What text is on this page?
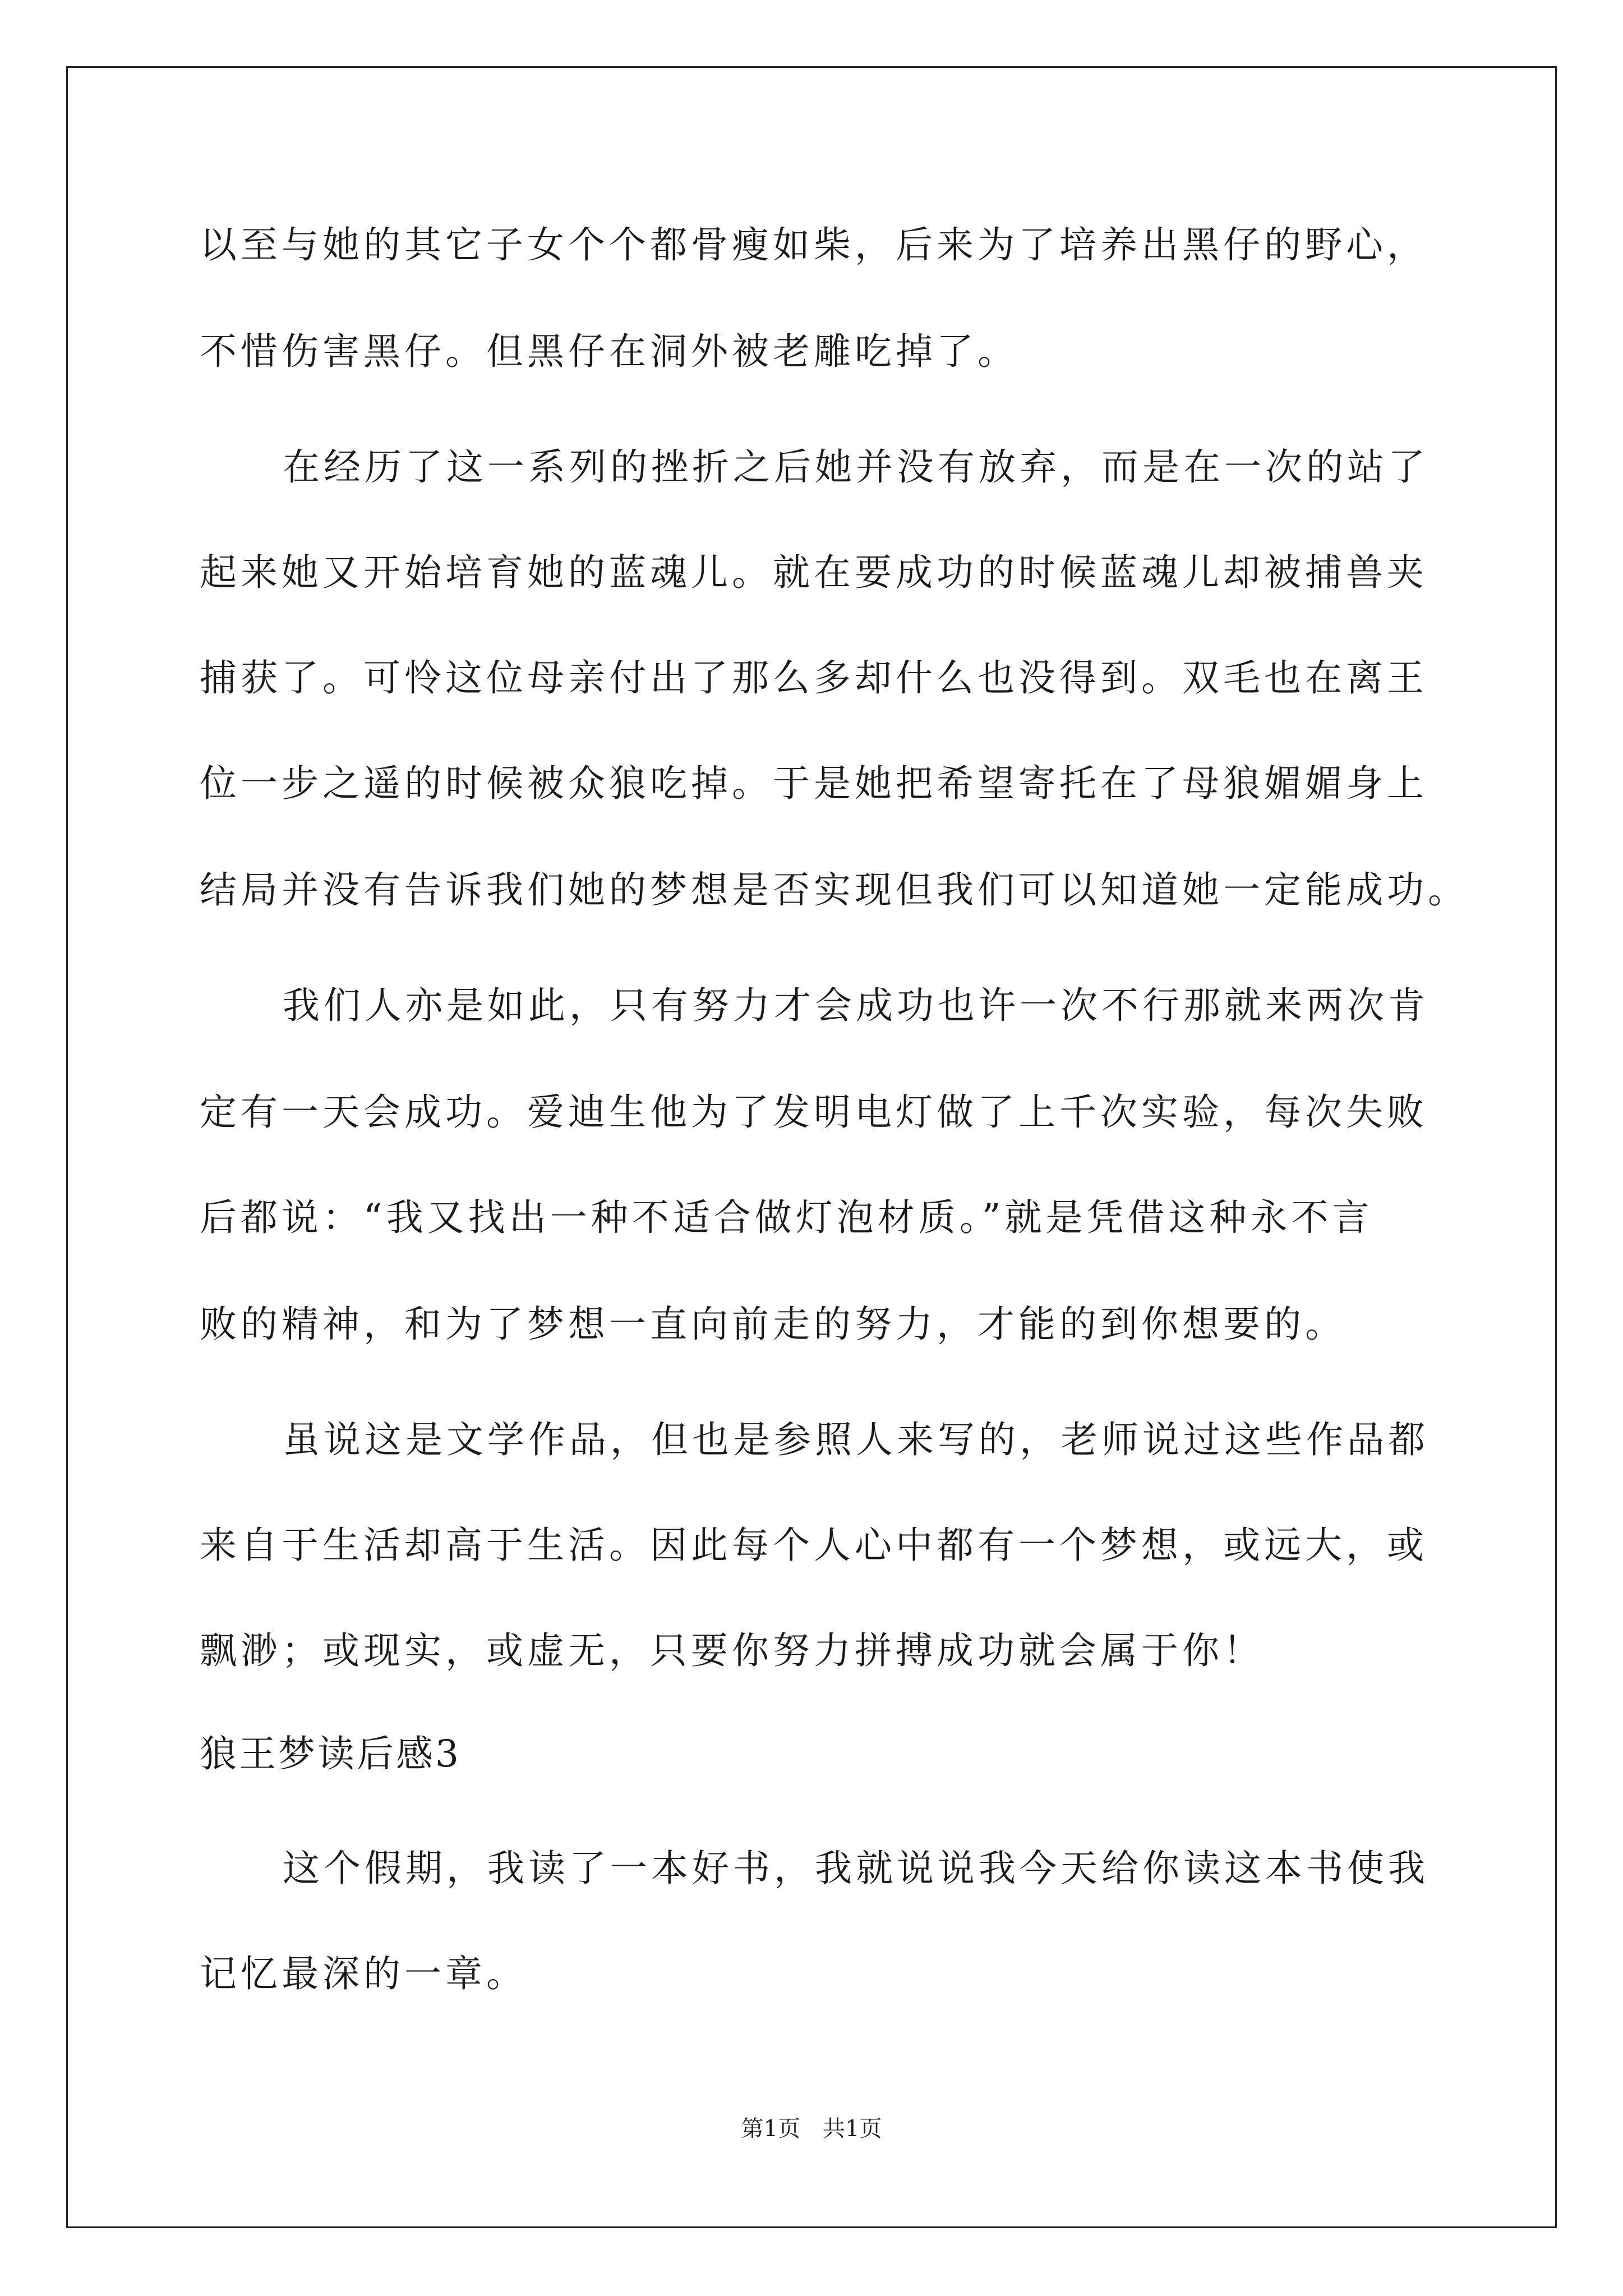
以至与她的其它子女个个都骨瘦如柴，后来为了培养出黑仔的野心，

不惜伤害黑仔。但黑仔在洞外被老雕吃掉了。

在经历了这一系列的挫折之后她并没有放弃，而是在一次的站了

起来她又开始培育她的蓝魂儿。就在要成功的时候蓝魂儿却被捕兽夹

捕获了。可怜这位母亲付出了那么多却什么也没得到。双毛也在离王

位一步之遥的时候被众狼吃掉。于是她把希望寄托在了母狼媚媚身上

结局并没有告诉我们她的梦想是否实现但我们可以知道她一定能成功。

我们人亦是如此，只有努力才会成功也许一次不行那就来两次肯

定有一天会成功。爱迪生他为了发明电灯做了上千次实验，每次失败

后都说：“我又找出一种不适合做灯泡材质。”就是凭借这种永不言

败的精神，和为了梦想一直向前走的努力，才能的到你想要的。

虽说这是文学作品，但也是参照人来写的，老师说过这些作品都

来自于生活却高于生活。因此每个人心中都有一个梦想，或远大，或

飘渺；或现实，或虚无，只要你努力拼搏成功就会属于你！

狼王梦读后感3

这个假期，我读了一本好书，我就说说我今天给你读这本书使我

记忆最深的一章。

第1页 共1页
